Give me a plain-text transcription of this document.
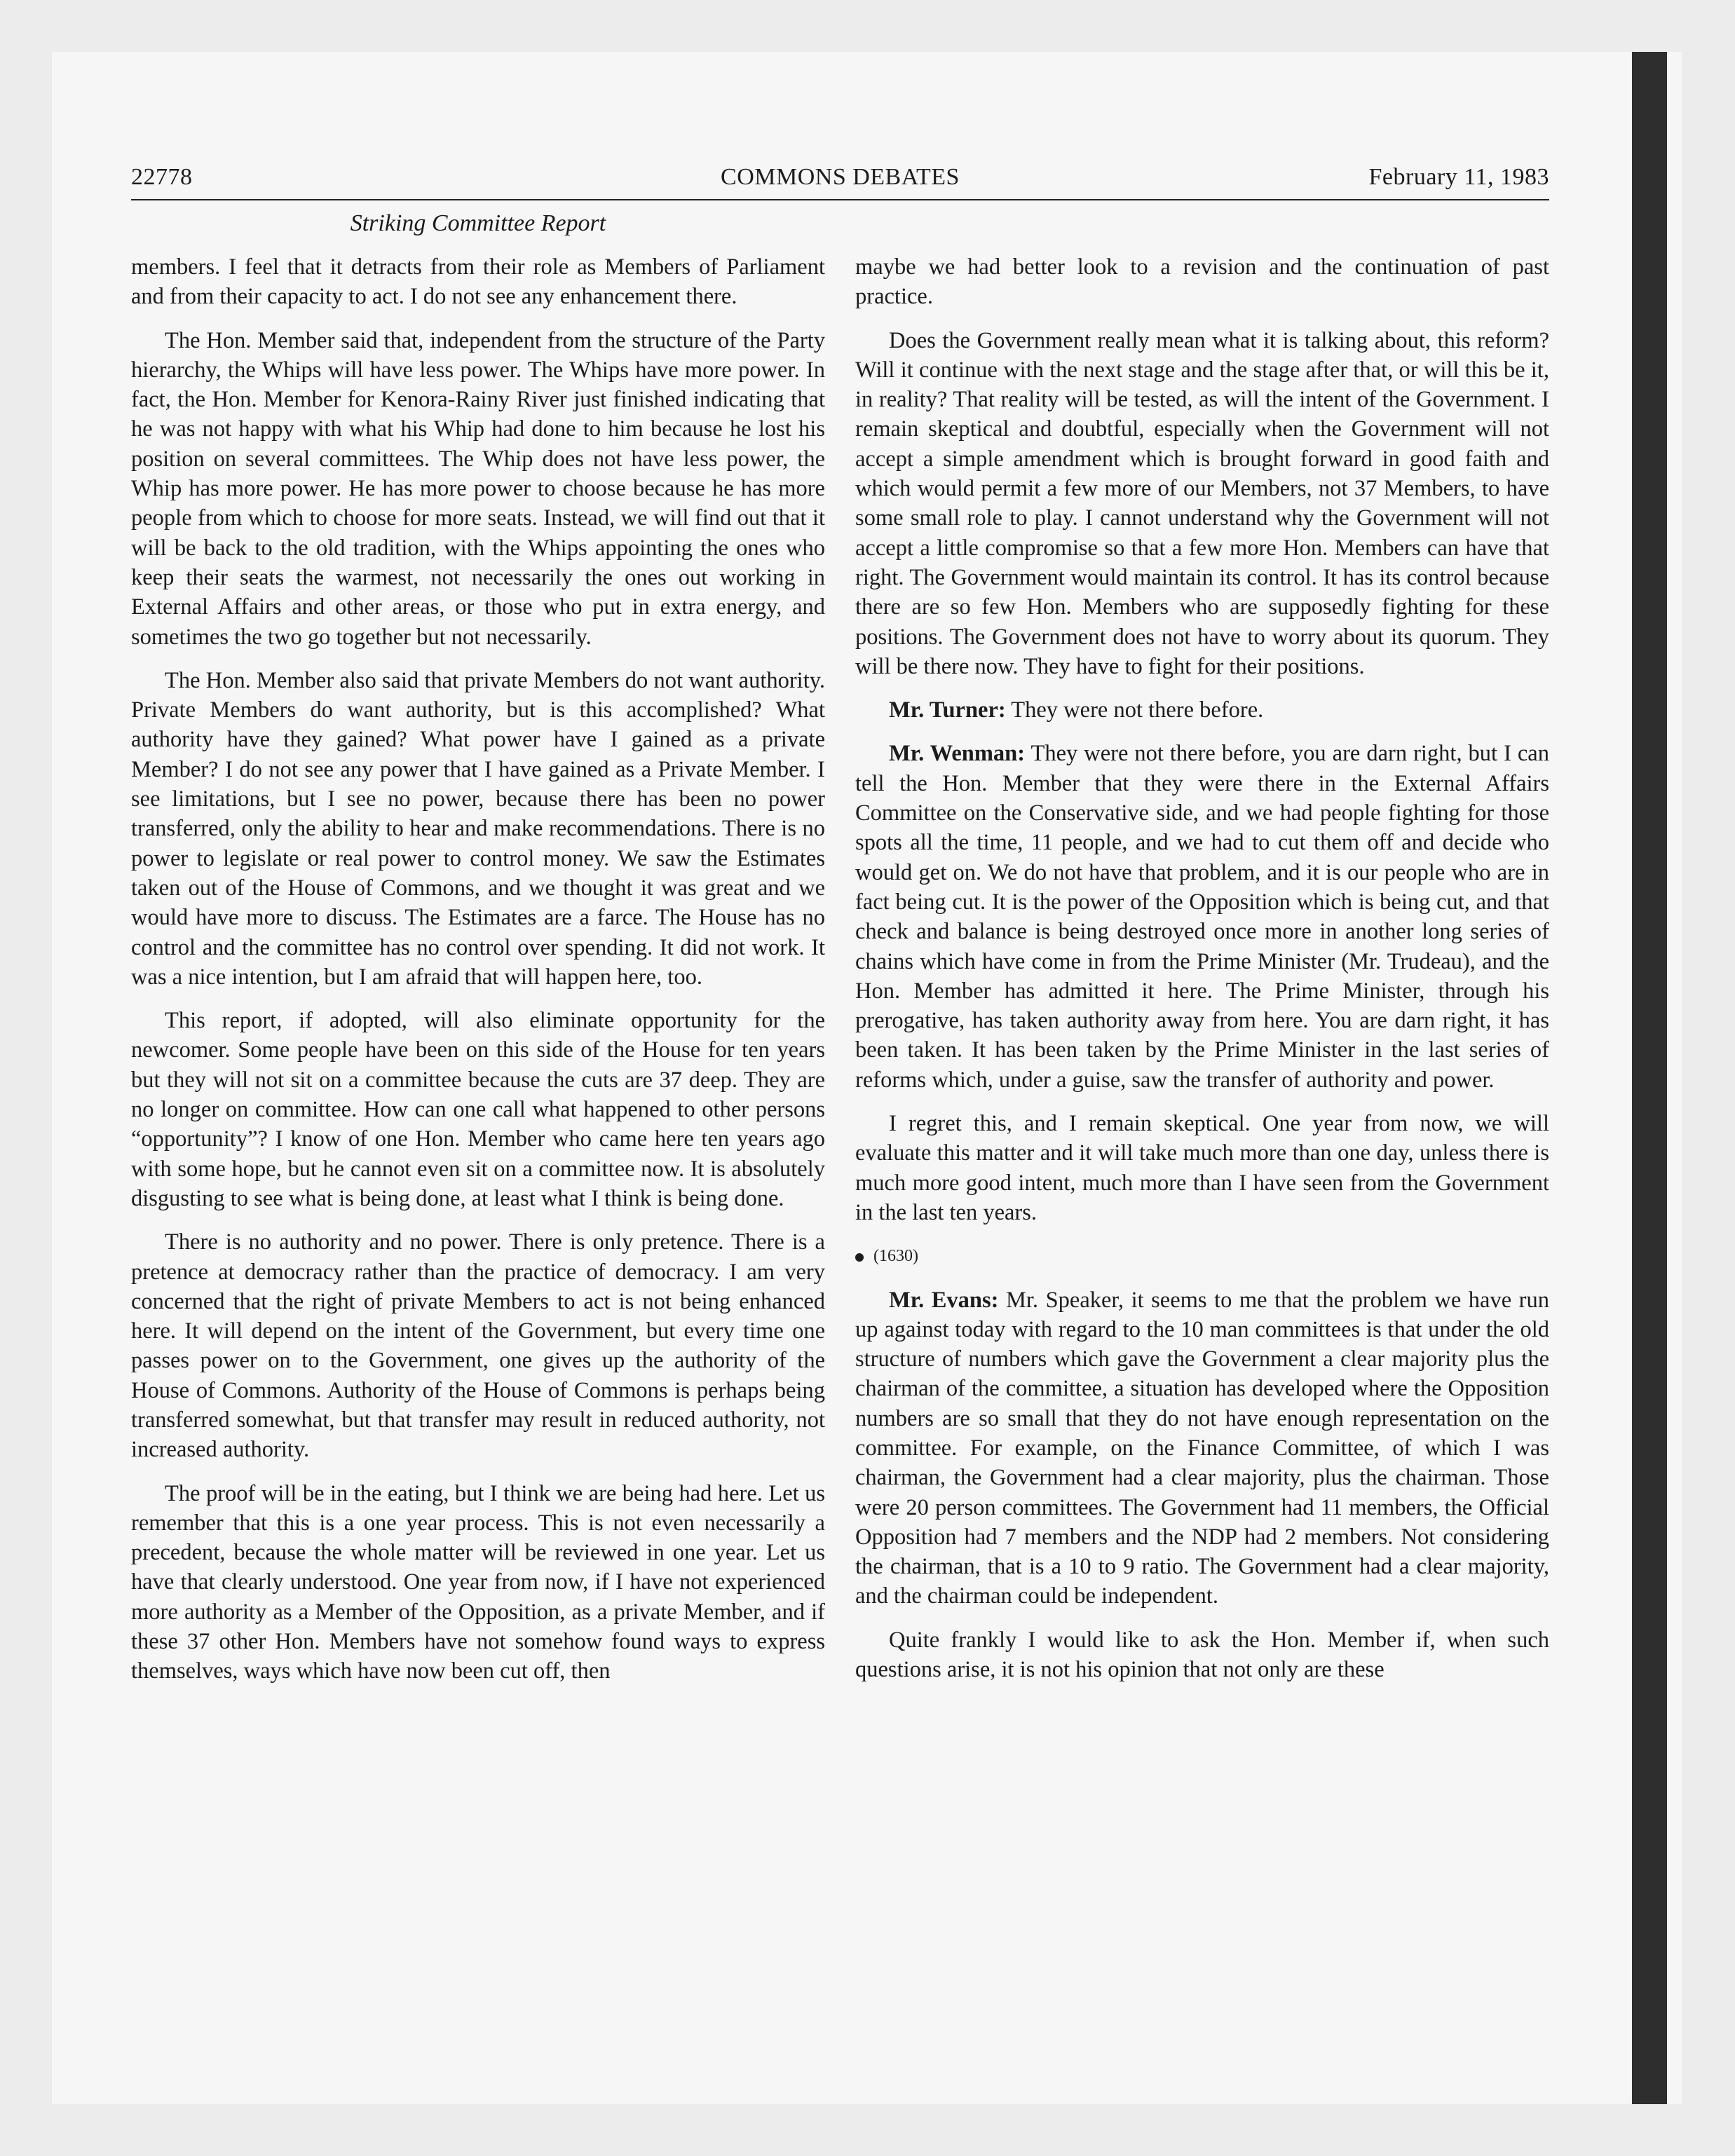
22778	COMMONS DEBATES	February 11, 1983
Striking Committee Report

members. I feel that it detracts from their role as Members of Parliament and from their capacity to act. I do not see any enhancement there.

The Hon. Member said that, independent from the structure of the Party hierarchy, the Whips will have less power. The Whips have more power. In fact, the Hon. Member for Kenora-Rainy River just finished indicating that he was not happy with what his Whip had done to him because he lost his position on several committees. The Whip does not have less power, the Whip has more power. He has more power to choose because he has more people from which to choose for more seats. Instead, we will find out that it will be back to the old tradition, with the Whips appointing the ones who keep their seats the warmest, not necessarily the ones out working in External Affairs and other areas, or those who put in extra energy, and sometimes the two go together but not necessarily.

The Hon. Member also said that private Members do not want authority. Private Members do want authority, but is this accomplished? What authority have they gained? What power have I gained as a private Member? I do not see any power that I have gained as a Private Member. I see limitations, but I see no power, because there has been no power transferred, only the ability to hear and make recommendations. There is no power to legislate or real power to control money. We saw the Estimates taken out of the House of Commons, and we thought it was great and we would have more to discuss. The Estimates are a farce. The House has no control and the committee has no control over spending. It did not work. It was a nice intention, but I am afraid that will happen here, too.

This report, if adopted, will also eliminate opportunity for the newcomer. Some people have been on this side of the House for ten years but they will not sit on a committee because the cuts are 37 deep. They are no longer on committee. How can one call what happened to other persons “opportunity”? I know of one Hon. Member who came here ten years ago with some hope, but he cannot even sit on a committee now. It is absolutely disgusting to see what is being done, at least what I think is being done.

There is no authority and no power. There is only pretence. There is a pretence at democracy rather than the practice of democracy. I am very concerned that the right of private Members to act is not being enhanced here. It will depend on the intent of the Government, but every time one passes power on to the Government, one gives up the authority of the House of Commons. Authority of the House of Commons is perhaps being transferred somewhat, but that transfer may result in reduced authority, not increased authority.

The proof will be in the eating, but I think we are being had here. Let us remember that this is a one year process. This is not even necessarily a precedent, because the whole matter will be reviewed in one year. Let us have that clearly understood. One year from now, if I have not experienced more authority as a Member of the Opposition, as a private Member, and if these 37 other Hon. Members have not somehow found ways to express themselves, ways which have now been cut off, then

maybe we had better look to a revision and the continuation of past practice.

Does the Government really mean what it is talking about, this reform? Will it continue with the next stage and the stage after that, or will this be it, in reality? That reality will be tested, as will the intent of the Government. I remain skeptical and doubtful, especially when the Government will not accept a simple amendment which is brought forward in good faith and which would permit a few more of our Members, not 37 Members, to have some small role to play. I cannot understand why the Government will not accept a little compromise so that a few more Hon. Members can have that right. The Government would maintain its control. It has its control because there are so few Hon. Members who are supposedly fighting for these positions. The Government does not have to worry about its quorum. They will be there now. They have to fight for their positions.

Mr. Turner: They were not there before.

Mr. Wenman: They were not there before, you are darn right, but I can tell the Hon. Member that they were there in the External Affairs Committee on the Conservative side, and we had people fighting for those spots all the time, 11 people, and we had to cut them off and decide who would get on. We do not have that problem, and it is our people who are in fact being cut. It is the power of the Opposition which is being cut, and that check and balance is being destroyed once more in another long series of chains which have come in from the Prime Minister (Mr. Trudeau), and the Hon. Member has admitted it here. The Prime Minister, through his prerogative, has taken authority away from here. You are darn right, it has been taken. It has been taken by the Prime Minister in the last series of reforms which, under a guise, saw the transfer of authority and power.

I regret this, and I remain skeptical. One year from now, we will evaluate this matter and it will take much more than one day, unless there is much more good intent, much more than I have seen from the Government in the last ten years.

(1630)

Mr. Evans: Mr. Speaker, it seems to me that the problem we have run up against today with regard to the 10 man committees is that under the old structure of numbers which gave the Government a clear majority plus the chairman of the committee, a situation has developed where the Opposition numbers are so small that they do not have enough representation on the committee. For example, on the Finance Committee, of which I was chairman, the Government had a clear majority, plus the chairman. Those were 20 person committees. The Government had 11 members, the Official Opposition had 7 members and the NDP had 2 members. Not considering the chairman, that is a 10 to 9 ratio. The Government had a clear majority, and the chairman could be independent.

Quite frankly I would like to ask the Hon. Member if, when such questions arise, it is not his opinion that not only are these
